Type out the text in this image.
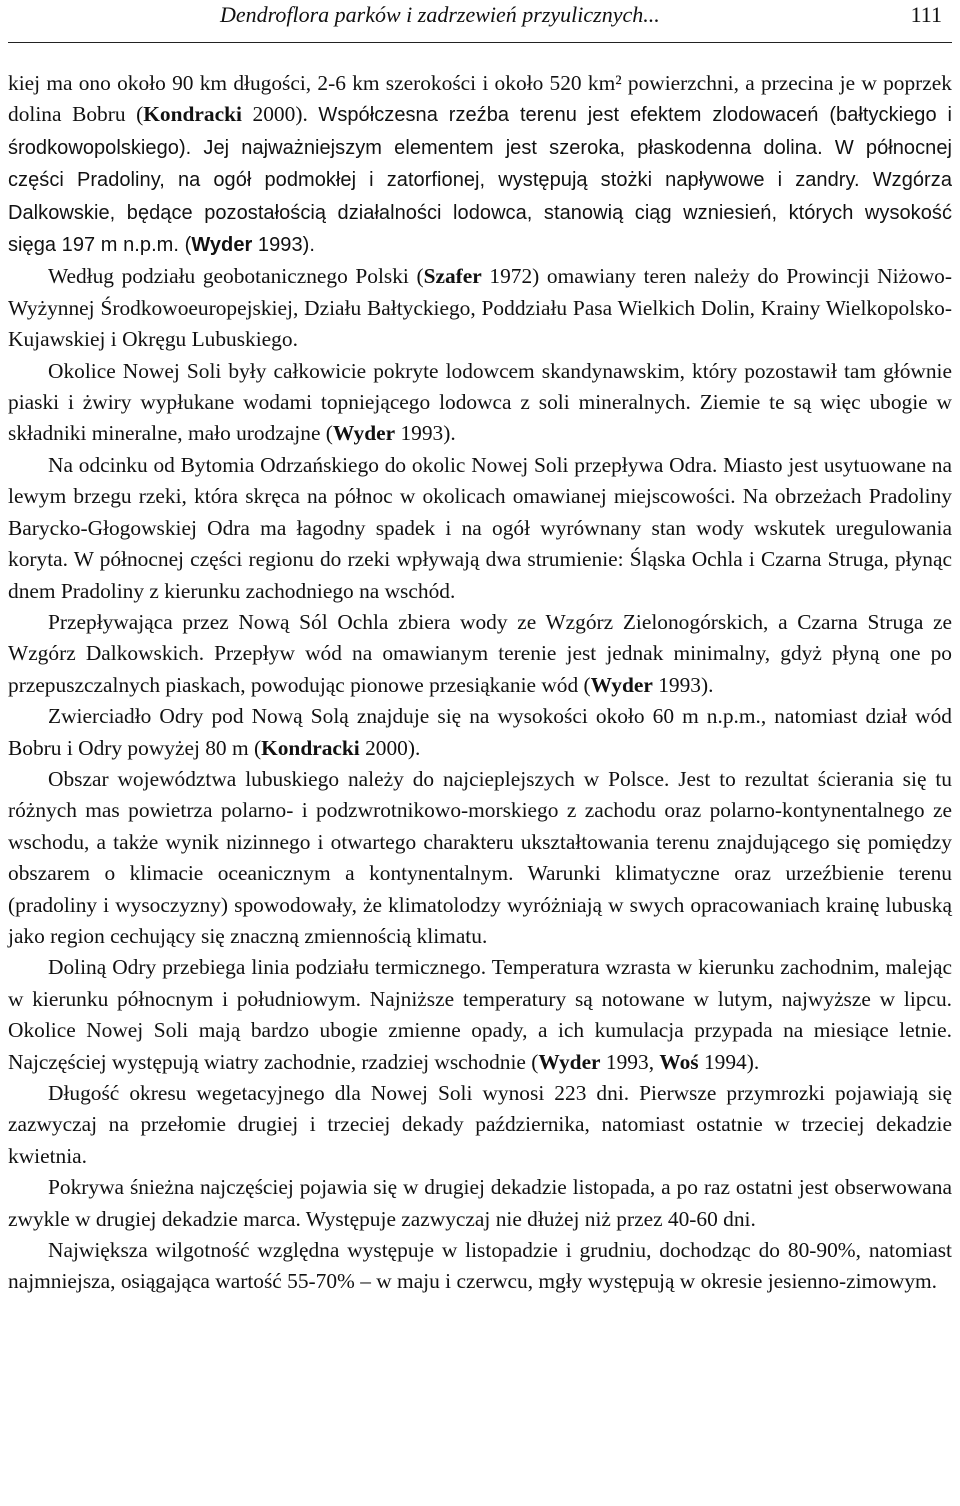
Dendroflora parków i zadrzewień przyulicznych...	111

kiej ma ono około 90 km długości, 2-6 km szerokości i około 520 km² powierzchni, a przecina je w poprzek dolina Bobru (Kondracki 2000). Współczesna rzeźba terenu jest efektem zlodowaceń (bałtyckiego i środkowopolskiego). Jej najważniejszym elementem jest szeroka, płaskodenna dolina. W północnej części Pradoliny, na ogół podmokłej i zatorfionej, występują stożki napływowe i zandry. Wzgórza Dalkowskie, będące pozostałością działalności lodowca, stanowią ciąg wzniesień, których wysokość sięga 197 m n.p.m. (Wyder 1993).

Według podziału geobotanicznego Polski (Szafer 1972) omawiany teren należy do Prowincji Niżowo-Wyżynnej Środkowoeuropejskiej, Działu Bałtyckiego, Poddziału Pasa Wielkich Dolin, Krainy Wielkopolsko-Kujawskiej i Okręgu Lubuskiego.

Okolice Nowej Soli były całkowicie pokryte lodowcem skandynawskim, który pozostawił tam głównie piaski i żwiry wypłukane wodami topniejącego lodowca z soli mineralnych. Ziemie te są więc ubogie w składniki mineralne, mało urodzajne (Wyder 1993).

Na odcinku od Bytomia Odrzańskiego do okolic Nowej Soli przepływa Odra. Miasto jest usytuowane na lewym brzegu rzeki, która skręca na północ w okolicach omawianej miejscowości. Na obrzeżach Pradoliny Barycko-Głogowskiej Odra ma łagodny spadek i na ogół wyrównany stan wody wskutek uregulowania koryta. W północnej części regionu do rzeki wpływają dwa strumienie: Śląska Ochla i Czarna Struga, płynąc dnem Pradoliny z kierunku zachodniego na wschód.

Przepływająca przez Nową Sól Ochla zbiera wody ze Wzgórz Zielonogórskich, a Czarna Struga ze Wzgórz Dalkowskich. Przepływ wód na omawianym terenie jest jednak minimalny, gdyż płyną one po przepuszczalnych piaskach, powodując pionowe przesiąkanie wód (Wyder 1993).

Zwierciadło Odry pod Nową Solą znajduje się na wysokości około 60 m n.p.m., natomiast dział wód Bobru i Odry powyżej 80 m (Kondracki 2000).

Obszar województwa lubuskiego należy do najcieplejszych w Polsce. Jest to rezultat ścierania się tu różnych mas powietrza polarno- i podzwrotnikowo-morskiego z zachodu oraz polarno-kontynentalnego ze wschodu, a także wynik nizinnego i otwartego charakteru ukształtowania terenu znajdującego się pomiędzy obszarem o klimacie oceanicznym a kontynentalnym. Warunki klimatyczne oraz urzeźbienie terenu (pradoliny i wysoczyzny) spowodowały, że klimatolodzy wyróżniają w swych opracowaniach krainę lubuską jako region cechujący się znaczną zmiennością klimatu.

Doliną Odry przebiega linia podziału termicznego. Temperatura wzrasta w kierunku zachodnim, malejąc w kierunku północnym i południowym. Najniższe temperatury są notowane w lutym, najwyższe w lipcu. Okolice Nowej Soli mają bardzo ubogie zmienne opady, a ich kumulacja przypada na miesiące letnie. Najczęściej występują wiatry zachodnie, rzadziej wschodnie (Wyder 1993, Woś 1994).

Długość okresu wegetacyjnego dla Nowej Soli wynosi 223 dni. Pierwsze przymrozki pojawiają się zazwyczaj na przełomie drugiej i trzeciej dekady października, natomiast ostatnie w trzeciej dekadzie kwietnia.

Pokrywa śnieżna najczęściej pojawia się w drugiej dekadzie listopada, a po raz ostatni jest obserwowana zwykle w drugiej dekadzie marca. Występuje zazwyczaj nie dłużej niż przez 40-60 dni.

Największa wilgotność względna występuje w listopadzie i grudniu, dochodząc do 80-90%, natomiast najmniejsza, osiągająca wartość 55-70% – w maju i czerwcu, mgły występują w okresie jesienno-zimowym.
